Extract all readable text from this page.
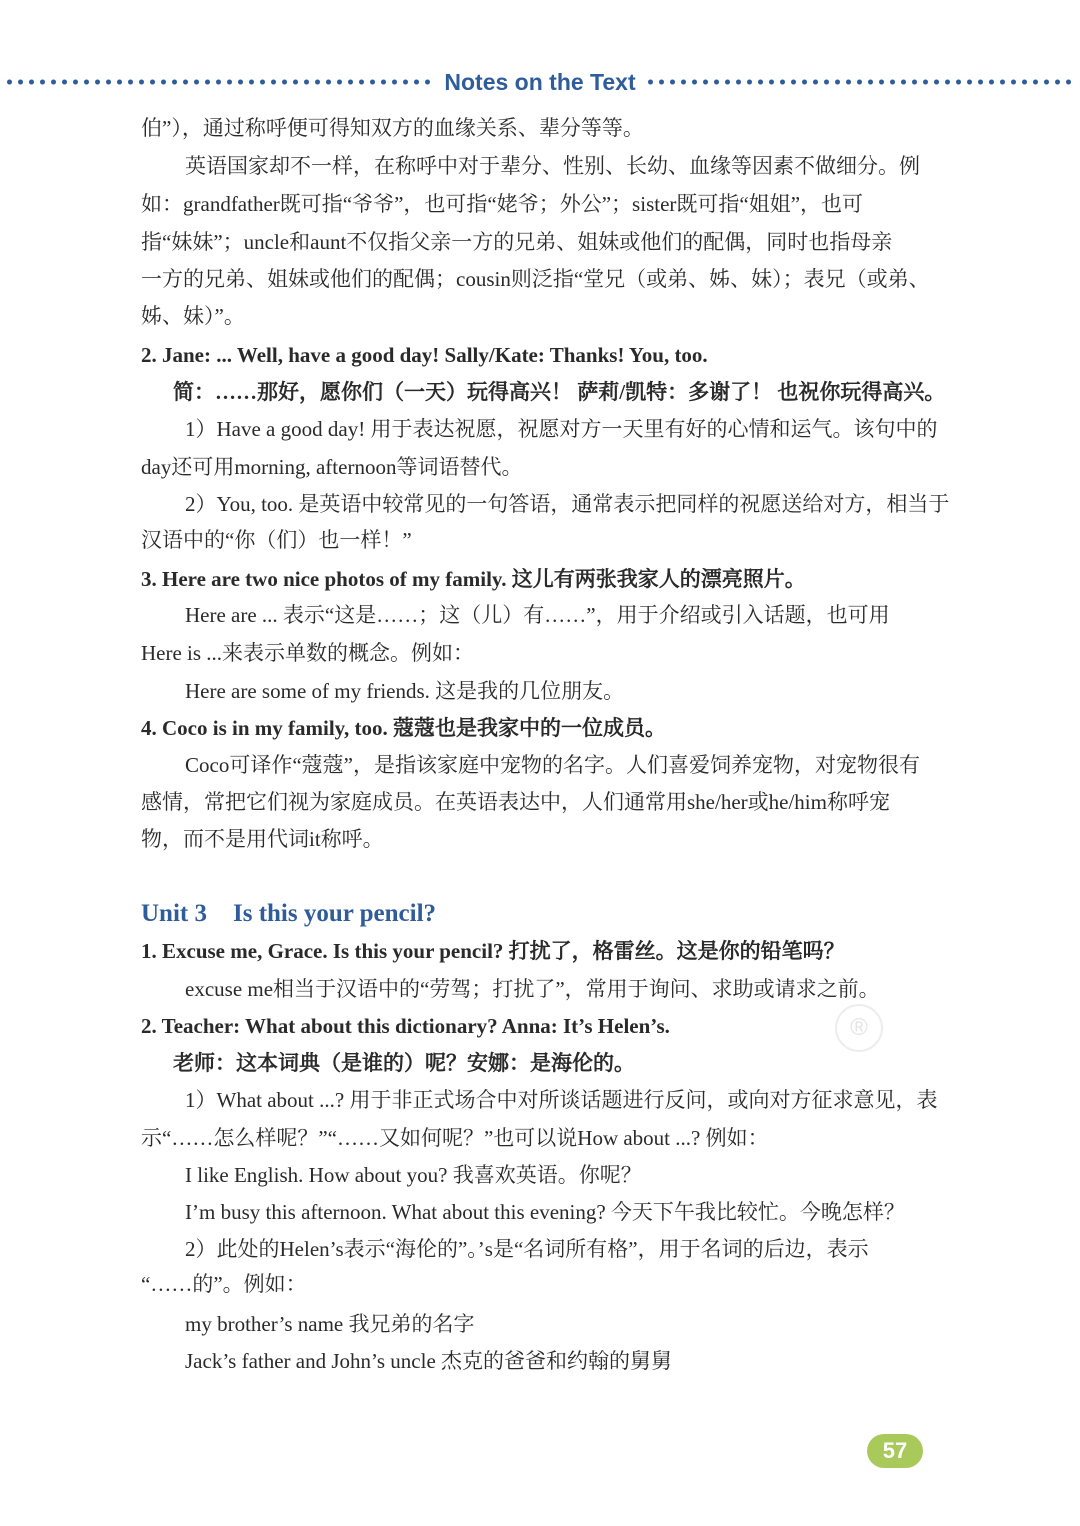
Notes on the Text
伯”），通过称呼便可得知双方的血缘关系、辈分等等。
英语国家却不一样，在称呼中对于辈分、性别、长幼、血缘等因素不做细分。例
如：grandfather既可指“爷爷”，也可指“姥爷；外公”；sister既可指“姐姐”，也可
指“妹妹”；uncle和aunt不仅指父亲一方的兄弟、姐妹或他们的配偶，同时也指母亲
一方的兄弟、姐妹或他们的配偶；cousin则泛指“堂兄（或弟、姊、妹）；表兄（或弟、
姊、妹）”。
2. Jane: ... Well, have a good day! Sally/Kate: Thanks! You, too.
简：……那好，愿你们（一天）玩得高兴！ 萨莉/凯特：多谢了！ 也祝你玩得高兴。
1）Have a good day! 用于表达祝愿，祝愿对方一天里有好的心情和运气。该句中的
day还可用morning, afternoon等词语替代。
2）You, too. 是英语中较常见的一句答语，通常表示把同样的祝愿送给对方，相当于
汉语中的“你（们）也一样！”
3. Here are two nice photos of my family. 这儿有两张我家人的漂亮照片。
Here are ... 表示“这是……；这（儿）有……”，用于介绍或引入话题，也可用
Here is ...来表示单数的概念。例如：
Here are some of my friends. 这是我的几位朋友。
4. Coco is in my family, too. 蔻蔻也是我家中的一位成员。
Coco可译作“蔻蔻”，是指该家庭中宠物的名字。人们喜爱饲养宠物，对宠物很有
感情，常把它们视为家庭成员。在英语表达中，人们通常用she/her或he/him称呼宠
物，而不是用代词it称呼。
Unit 3 Is this your pencil?
1. Excuse me, Grace. Is this your pencil? 打扰了，格雷丝。这是你的铅笔吗？
excuse me相当于汉语中的“劳驾；打扰了”，常用于询问、求助或请求之前。
2. Teacher: What about this dictionary? Anna: It’s Helen’s.
老师：这本词典（是谁的）呢？安娜：是海伦的。
1）What about ...? 用于非正式场合中对所谈话题进行反问，或向对方征求意见，表
示“……怎么样呢？”“……又如何呢？”也可以说How about ...? 例如：
I like English. How about you? 我喜欢英语。你呢？
I’m busy this afternoon. What about this evening? 今天下午我比较忙。今晚怎样？
2）此处的Helen’s表示“海伦的”。’s是“名词所有格”，用于名词的后边，表示
“……的”。例如：
my brother’s name 我兄弟的名字
Jack’s father and John’s uncle 杰克的爸爸和约翰的舅舅
®
57
